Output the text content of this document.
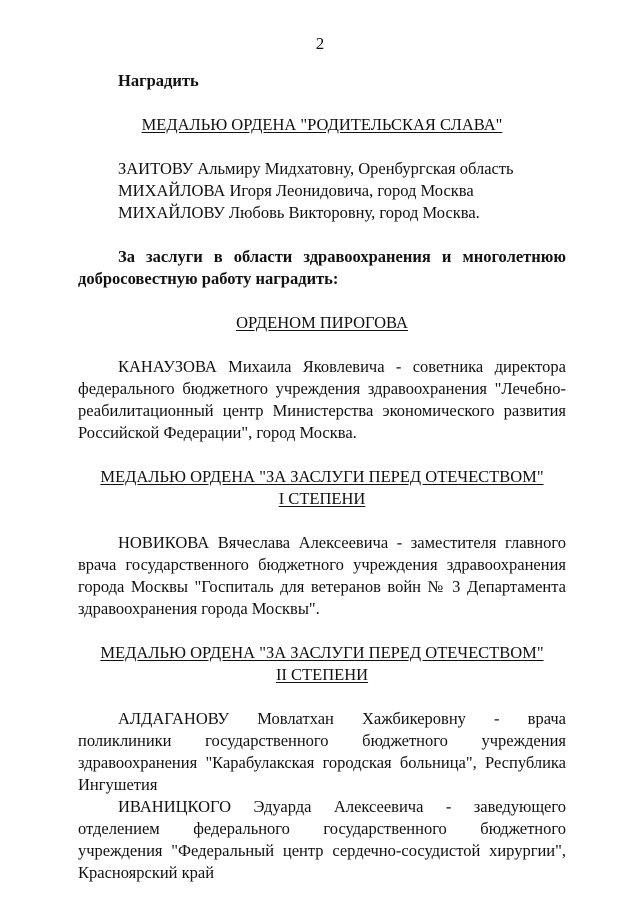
2

Наградить

МЕДАЛЬЮ ОРДЕНА "РОДИТЕЛЬСКАЯ СЛАВА"

ЗАИТОВУ Альмиру Мидхатовну, Оренбургская область

МИХАЙЛОВА Игоря Леонидовича, город Москва

МИХАЙЛОВУ Любовь Викторовну, город Москва.

За заслуги в области здравоохранения и многолетнюю добросовестную работу наградить:

ОРДЕНОМ ПИРОГОВА

КАНАУЗОВА Михаила Яковлевича - советника директора федерального бюджетного учреждения здравоохранения "Лечебно-реабилитационный центр Министерства экономического развития Российской Федерации", город Москва.

МЕДАЛЬЮ ОРДЕНА "ЗА ЗАСЛУГИ ПЕРЕД ОТЕЧЕСТВОМ"
I СТЕПЕНИ

НОВИКОВА Вячеслава Алексеевича - заместителя главного врача государственного бюджетного учреждения здравоохранения города Москвы "Госпиталь для ветеранов войн № 3 Департамента здравоохранения города Москвы".

МЕДАЛЬЮ ОРДЕНА "ЗА ЗАСЛУГИ ПЕРЕД ОТЕЧЕСТВОМ"
II СТЕПЕНИ

АЛДАГАНОВУ Мовлатхан Хажбикеровну - врача поликлиники государственного бюджетного учреждения здравоохранения "Карабулакская городская больница", Республика Ингушетия

ИВАНИЦКОГО Эдуарда Алексеевича - заведующего отделением федерального государственного бюджетного учреждения "Федеральный центр сердечно-сосудистой хирургии", Красноярский край
